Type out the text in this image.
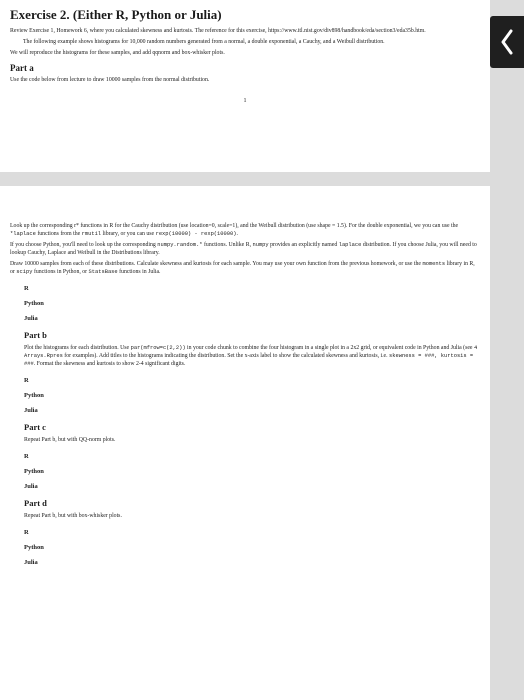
Exercise 2. (Either R, Python or Julia)
Review Exercise 1, Homework 6, where you calculated skewness and kurtosis. The reference for this exercise, https://www.itl.nist.gov/div898/handbook/eda/section3/eda35b.htm.
The following example shows histograms for 10,000 random numbers generated from a normal, a double exponential, a Cauchy, and a Weibull distribution.
We will reproduce the histograms for these samples, and add qqnorm and box-whisker plots.
Part a
Use the code below from lecture to draw 10000 samples from the normal distribution.
1
Look up the corresponding r* functions in R for the Cauchy distribution (use location=0, scale=1), and the Weibull distribution (use shape = 1.5). For the double exponential, we you can use the *laplace functions from the rmutil library, or you can use rexp(10000) - rexp(10000).
If you choose Python, you'll need to look up the corresponding numpy.random.* functions. Unlike R, numpy provides an explicitly named laplace distribution. If you choose Julia, you will need to lookup Cauchy, Laplace and Weibull in the Distributions library.
Draw 10000 samples from each of these distributions. Calculate skewness and kurtosis for each sample. You may use your own function from the previous homework, or use the moments library in R, or scipy functions in Python, or StatsBase functions in Julia.
R
Python
Julia
Part b
Plot the histograms for each distribution. Use par(mfrow=c(2,2)) in your code chunk to combine the four histogram in a single plot in a 2x2 grid, or equivalent code in Python and Julia (see 4 Arrays.Rpres for examples). Add titles to the histograms indicating the distribution. Set the x-axis label to show the calculated skewness and kurtosis, i.e. skewness = ###, kurtosis = ###. Format the skewness and kurtosis to show 2-4 significant digits.
R
Python
Julia
Part c
Repeat Part b, but with QQ-norm plots.
R
Python
Julia
Part d
Repeat Part b, but with box-whisker plots.
R
Python
Julia
